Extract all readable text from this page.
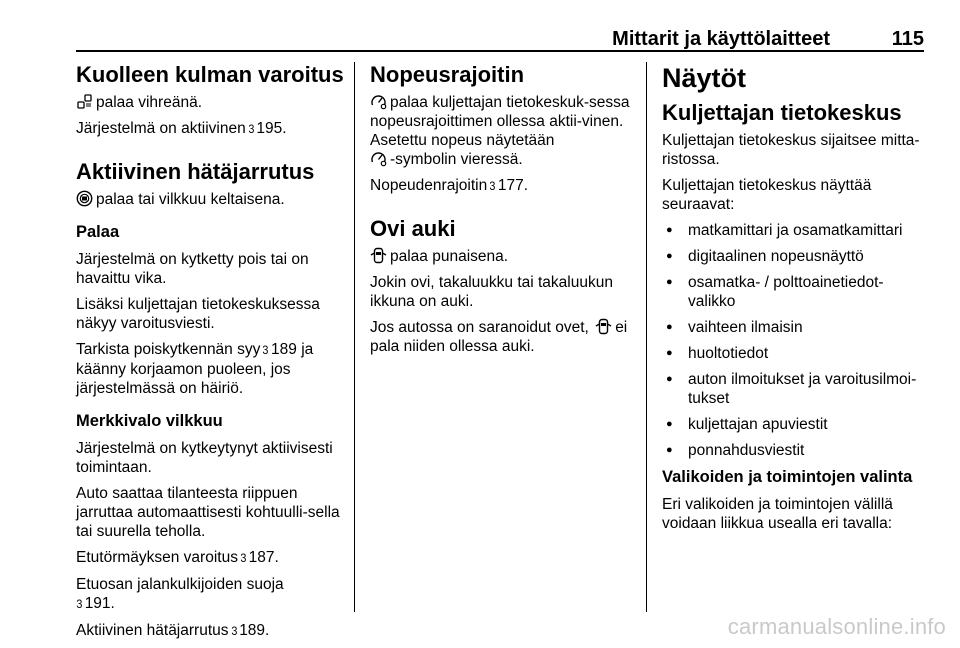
Mittarit ja käyttölaitteet	115
Kuolleen kulman varoitus

palaa vihreänä.

Järjestelmä on aktiivinen 3 195.

Aktiivinen hätäjarrutus

palaa tai vilkkuu keltaisena.

Palaa

Järjestelmä on kytketty pois tai on havaittu vika.

Lisäksi kuljettajan tietokeskuksessa näkyy varoitusviesti.

Tarkista poiskytkennän syy 3 189 ja käänny korjaamon puoleen, jos järjestelmässä on häiriö.

Merkkivalo vilkkuu

Järjestelmä on kytkeytynyt aktiivisesti toimintaan.

Auto saattaa tilanteesta riippuen jarruttaa automaattisesti kohtuulli-sella tai suurella teholla.

Etutörmäyksen varoitus 3 187.

Etuosan jalankulkijoiden suoja
3 191.

Aktiivinen hätäjarrutus 3 189.

Nopeusrajoitin

palaa kuljettajan tietokeskuk-sessa nopeusrajoittimen ollessa aktii-vinen. Asetettu nopeus näytetään
-symbolin vieressä.

Nopeudenrajoitin 3 177.

Ovi auki

palaa punaisena.

Jokin ovi, takaluukku tai takaluukun ikkuna on auki.

Jos autossa on saranoidut ovet, ei pala niiden ollessa auki.

Näytöt
Kuljettajan tietokeskus

Kuljettajan tietokeskus sijaitsee mitta-ristossa.

Kuljettajan tietokeskus näyttää seuraavat:

● matkamittari ja osamatkamittari
● digitaalinen nopeusnäyttö
● osamatka- / polttoainetiedot-valikko
● vaihteen ilmaisin
● huoltotiedot
● auton ilmoitukset ja varoitusilmoi-tukset
● kuljettajan apuviestit
● ponnahdusviestit
Valikoiden ja toimintojen valinta

Eri valikoiden ja toimintojen välillä voidaan liikkua usealla eri tavalla:

carmanualsonline.info
